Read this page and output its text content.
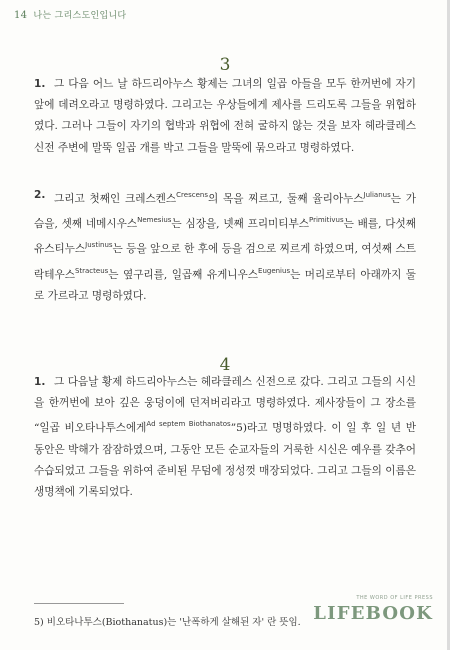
14 나는 그리스도인입니다
3
1. 그 다음 어느 날 하드리아누스 황제는 그녀의 일곱 아들을 모두 한꺼번에 자기 앞에 데려오라고 명령하였다. 그리고는 우상들에게 제사를 드리도록 그들을 위협하였다. 그러나 그들이 자기의 협박과 위협에 전혀 굴하지 않는 것을 보자 헤라클레스 신전 주변에 말뚝 일곱 개를 박고 그들을 말뚝에 묶으라고 명령하였다.
2. 그리고 첫째인 크레스켄스$^{Crescens}$의 목을 찌르고, 둘째 율리아누스$^{Julianus}$는 가슴을, 셋째 네메시우스$^{Nemesius}$는 심장을, 넷째 프리미티부스$^{Primitivus}$는 배를, 다섯째 유스티누스$^{Justinus}$는 등을 앞으로 한 후에 등을 검으로 찌르게 하였으며, 여섯째 스트락테우스$^{Stracteus}$는 옆구리를, 일곱째 유게니우스$^{Eugenius}$는 머리로부터 아래까지 둘로 가르라고 명령하였다.
4
1. 그 다음날 황제 하드리아누스는 헤라클레스 신전으로 갔다. 그리고 그들의 시신을 한꺼번에 보아 깊은 웅덩이에 던져버리라고 명령하였다. 제사장들이 그 장소를 “일곱 비오타나투스에게$^{Ad septem Biothanatos}$”5)라고 명명하였다. 이 일 후 일 년 반 동안은 박해가 잠잠하였으며, 그동안 모든 순교자들의 거룩한 시신은 예우를 갖추어 수습되었고 그들을 위하여 준비된 무덤에 정성껏 매장되었다. 그리고 그들의 이름은 생명책에 기록되었다.
5) 비오타나투스(Biothanatus)는 '난폭하게 살해된 자' 란 뜻임.
THE WORD OF LIFE PRESS
LIFEBOOK
